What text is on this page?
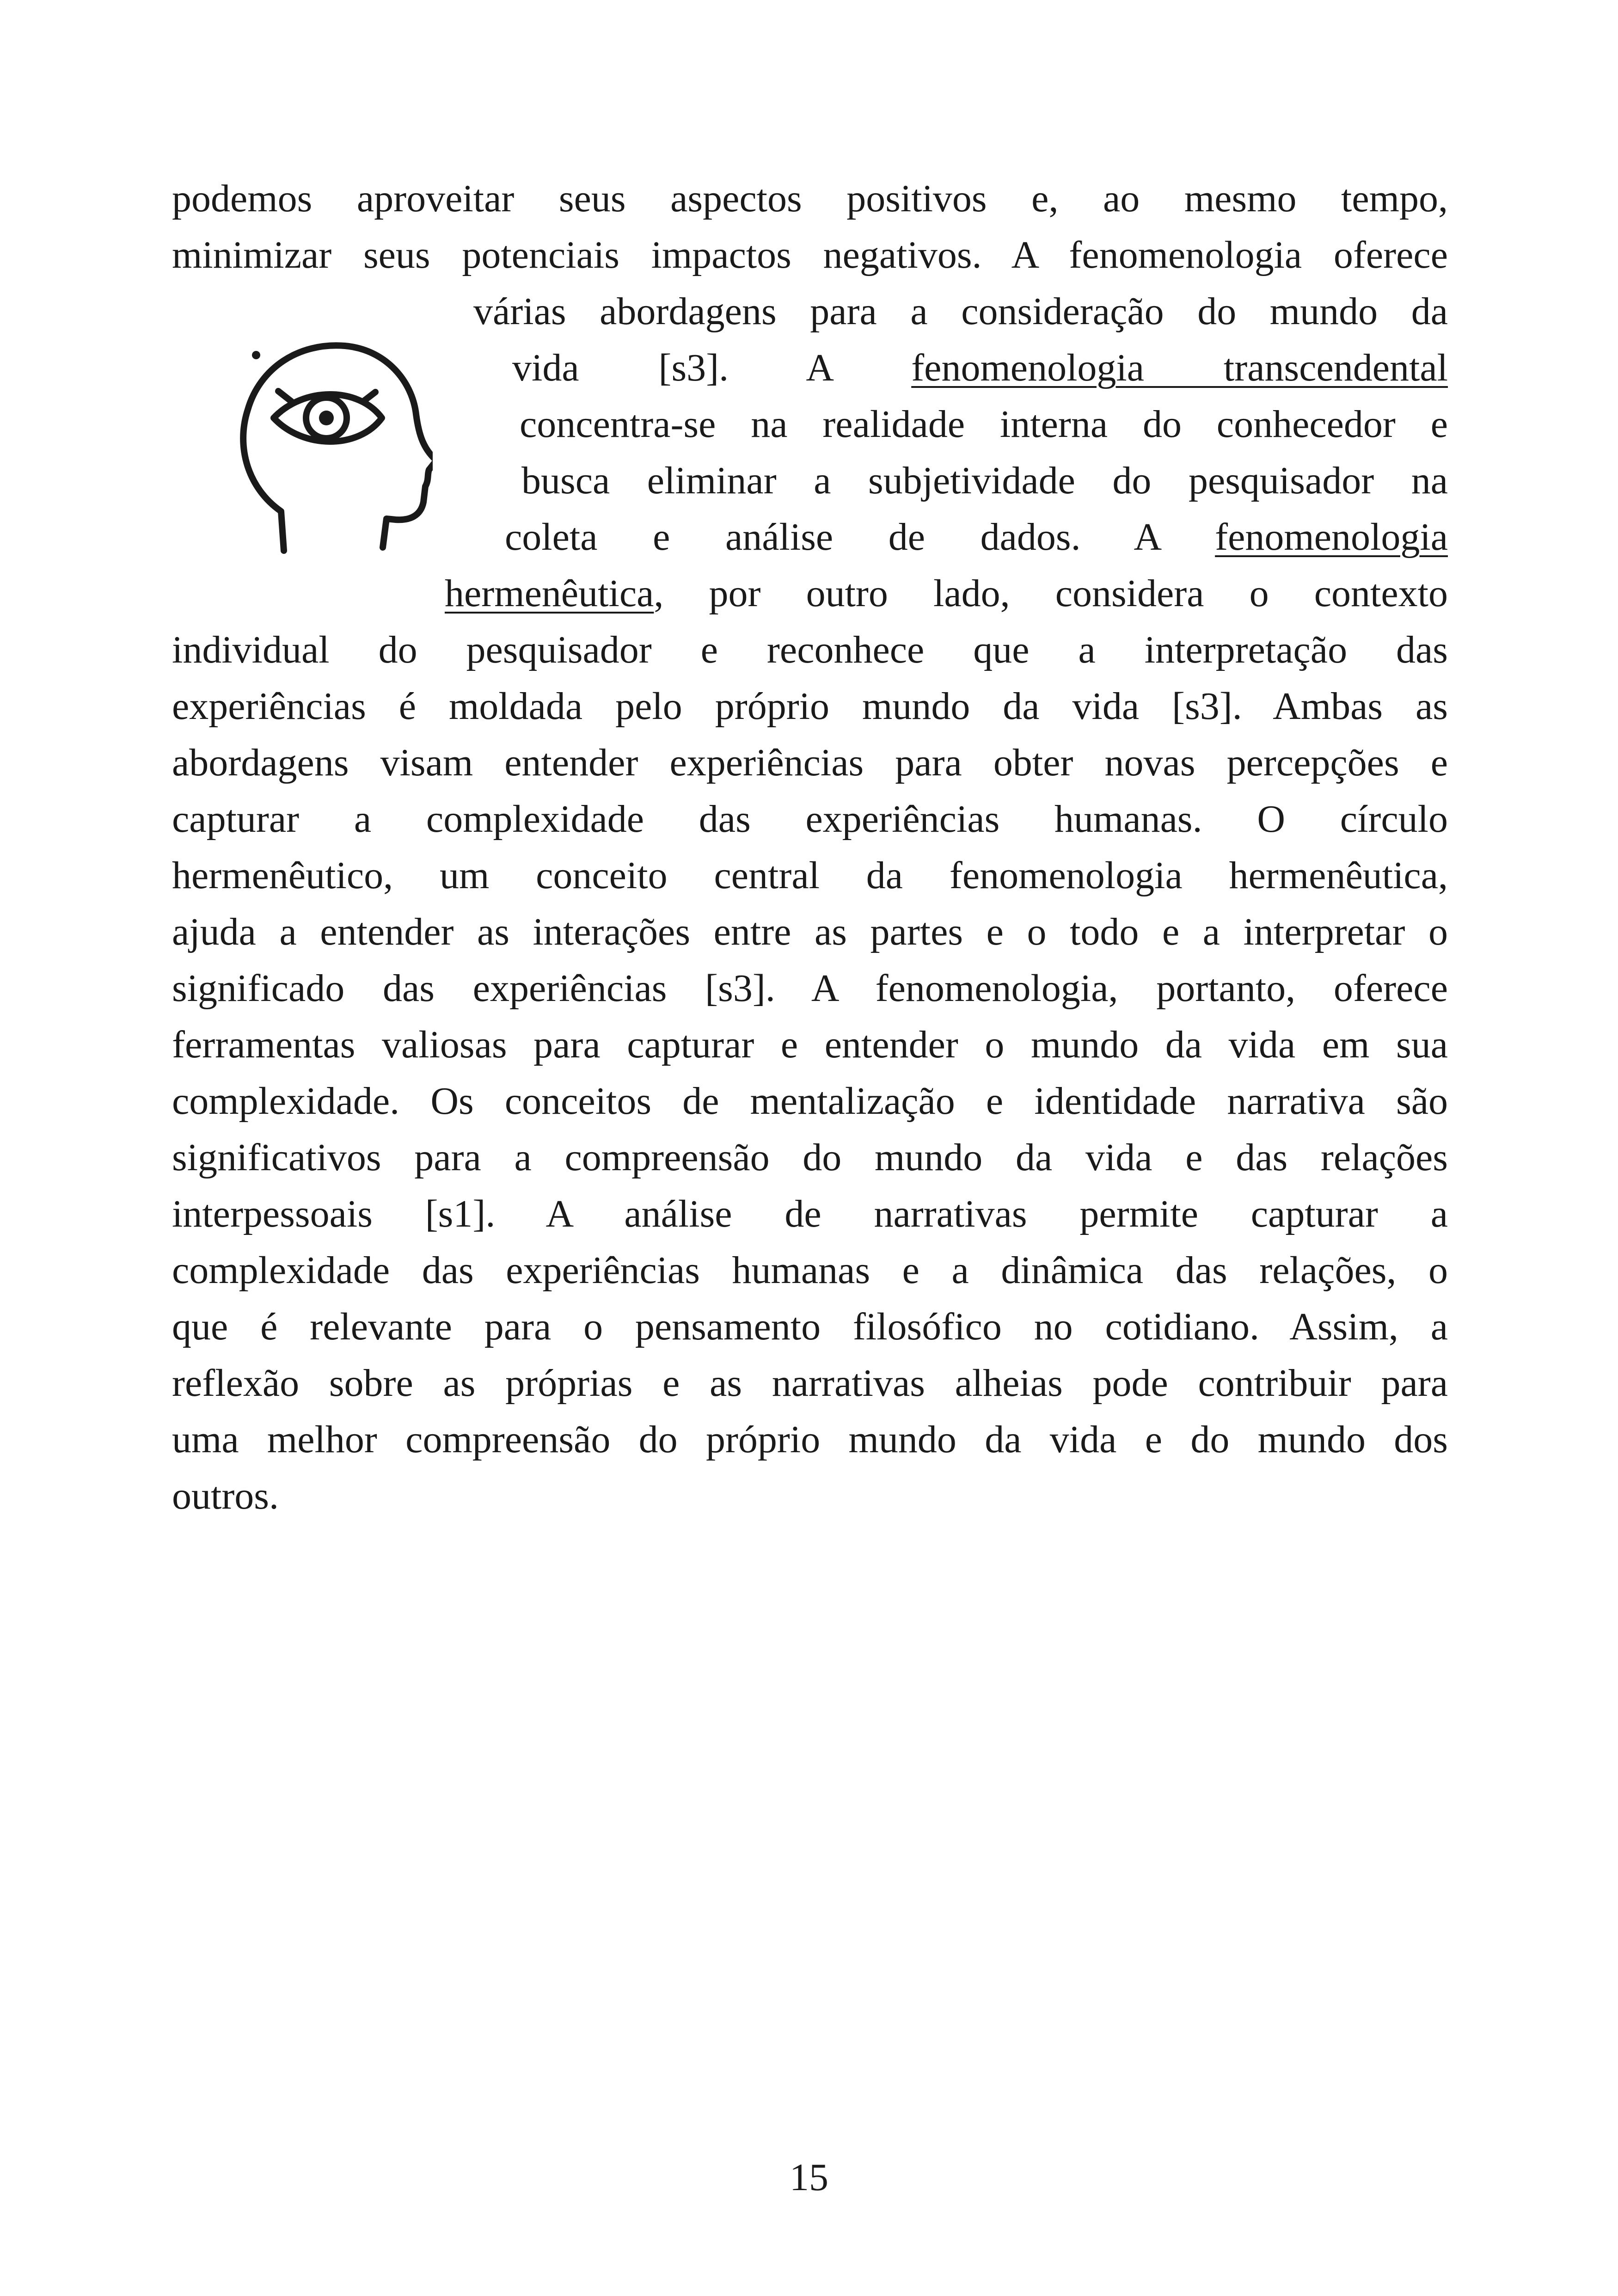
podemos aproveitar seus aspectos positivos e, ao mesmo tempo,
minimizar seus potenciais impactos negativos. A fenomenologia oferece
várias abordagens para a consideração do mundo da
vida [s3]. A fenomenologia transcendental
concentra-se na realidade interna do conhecedor e
busca eliminar a subjetividade do pesquisador na
coleta e análise de dados. A fenomenologia
hermenêutica, por outro lado, considera o contexto
individual do pesquisador e reconhece que a interpretação das
experiências é moldada pelo próprio mundo da vida [s3]. Ambas as
abordagens visam entender experiências para obter novas percepções e
capturar a complexidade das experiências humanas. O círculo
hermenêutico, um conceito central da fenomenologia hermenêutica,
ajuda a entender as interações entre as partes e o todo e a interpretar o
significado das experiências [s3]. A fenomenologia, portanto, oferece
ferramentas valiosas para capturar e entender o mundo da vida em sua
complexidade. Os conceitos de mentalização e identidade narrativa são
significativos para a compreensão do mundo da vida e das relações
interpessoais [s1]. A análise de narrativas permite capturar a
complexidade das experiências humanas e a dinâmica das relações, o
que é relevante para o pensamento filosófico no cotidiano. Assim, a
reflexão sobre as próprias e as narrativas alheias pode contribuir para
uma melhor compreensão do próprio mundo da vida e do mundo dos
outros.
15
